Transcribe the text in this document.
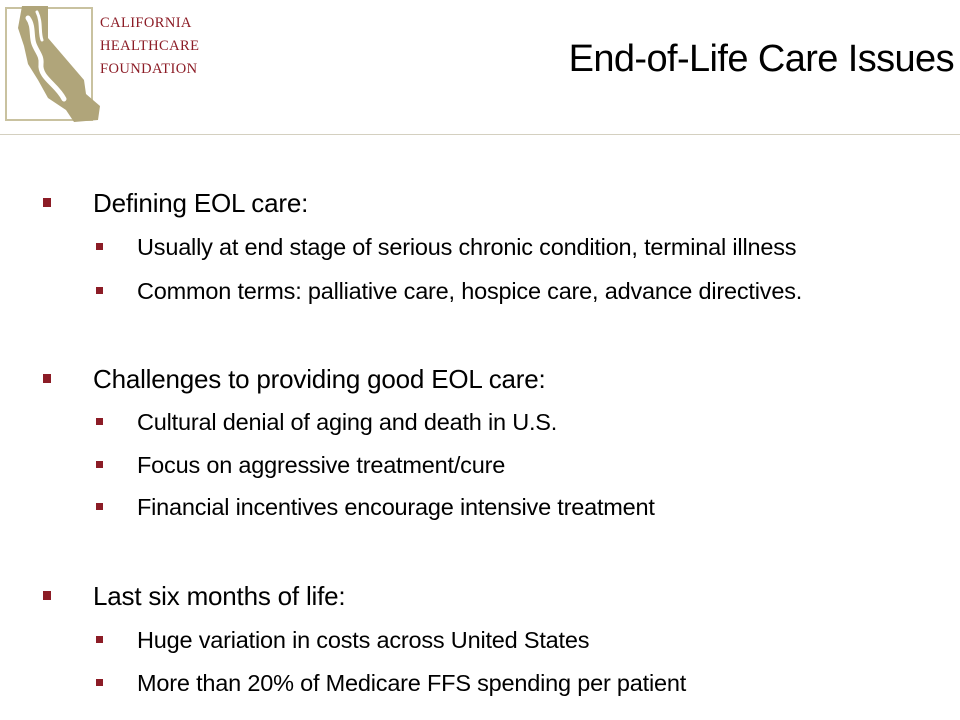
CALIFORNIA
HEALTHCARE
FOUNDATION	End-of-Life Care Issues
Defining EOL care:
Usually at end stage of serious chronic condition, terminal illness
Common terms: palliative care, hospice care, advance directives.
Challenges to providing good EOL care:
Cultural denial of aging and death in U.S.
Focus on aggressive treatment/cure
Financial incentives encourage intensive treatment
Last six months of life:
Huge variation in costs across United States
More than 20% of Medicare FFS spending per patient
